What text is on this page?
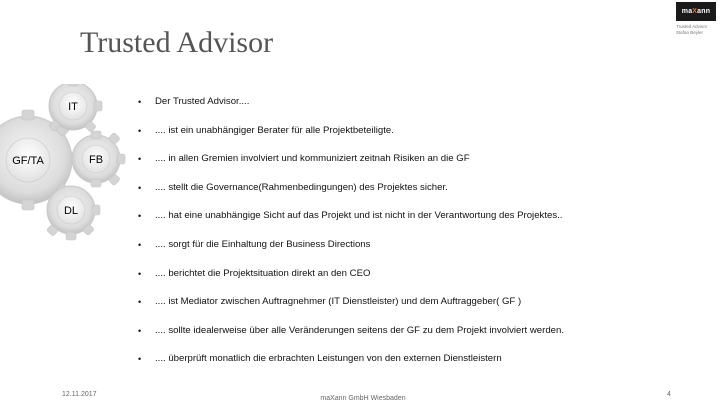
Trusted Advisor
ma X ann
Trusted Advisor
Stefan Beyler
GF/TA
IT
FB
DL
• Der Trusted Advisor....
• .... ist ein unabhängiger Berater für alle Projektbeteiligte.
• .... in allen Gremien involviert und kommuniziert zeitnah Risiken an die GF
• .... stellt die Governance(Rahmenbedingungen) des Projektes sicher.
• .... hat eine unabhängige Sicht auf das Projekt und ist nicht in der Verantwortung des Projektes..
• .... sorgt für die Einhaltung der Business Directions
• .... berichtet die Projektsituation direkt an den CEO
• .... ist Mediator zwischen Auftragnehmer (IT Dienstleister) und dem Auftraggeber( GF )
• .... sollte idealerweise über alle Veränderungen seitens der GF zu dem Projekt involviert werden.
• .... überprüft monatlich die erbrachten Leistungen von den externen Dienstleistern
12.11.2017
maXann GmbH Wiesbaden
4
